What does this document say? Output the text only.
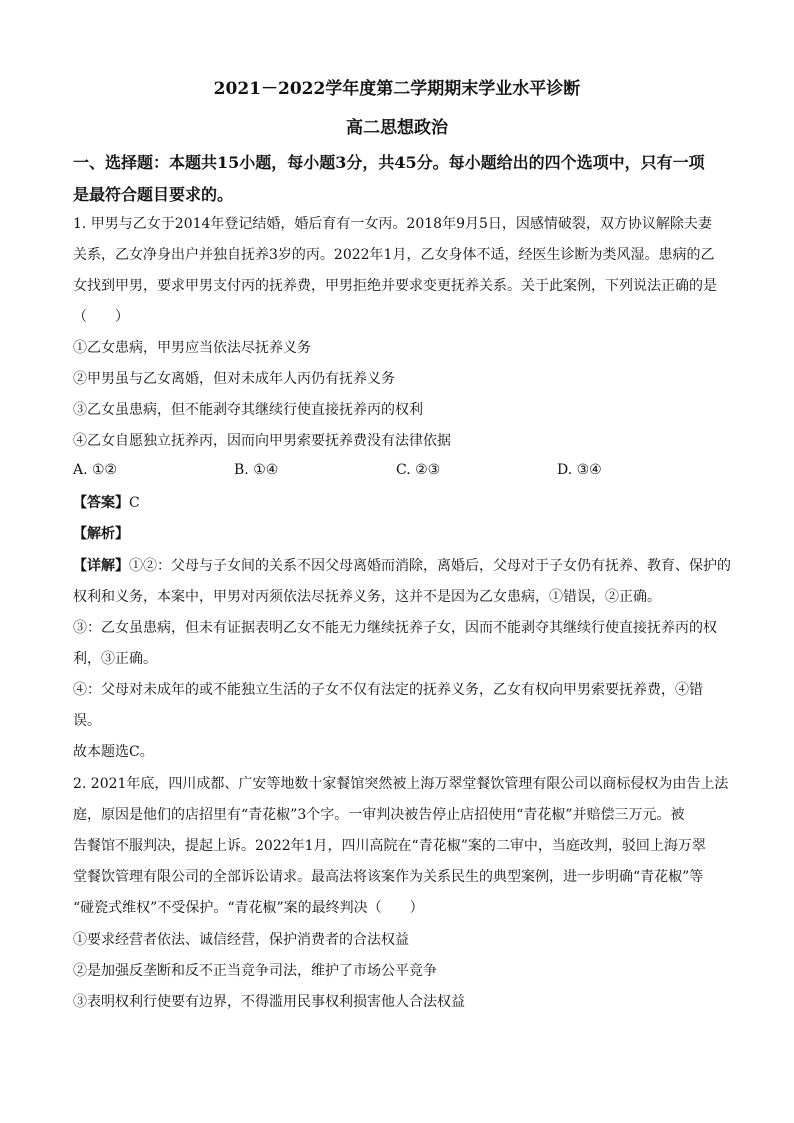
2021－2022学年度第二学期期末学业水平诊断
高二思想政治
一、选择题：本题共15小题，每小题3分，共45分。每小题给出的四个选项中，只有一项
是最符合题目要求的。
1. 甲男与乙女于2014年登记结婚，婚后育有一女丙。2018年9月5日，因感情破裂，双方协议解除夫妻
关系，乙女净身出户并独自抚养3岁的丙。2022年1月，乙女身体不适，经医生诊断为类风湿。患病的乙
女找到甲男，要求甲男支付丙的抚养费，甲男拒绝并要求变更抚养关系。关于此案例，下列说法正确的是
（　　）
①乙女患病，甲男应当依法尽抚养义务
②甲男虽与乙女离婚，但对未成年人丙仍有抚养义务
③乙女虽患病，但不能剥夺其继续行使直接抚养丙的权利
④乙女自愿独立抚养丙，因而向甲男索要抚养费没有法律依据
A. ①②	B. ①④	C. ②③	D. ③④
【答案】C
【解析】
【详解】①②：父母与子女间的关系不因父母离婚而消除，离婚后，父母对于子女仍有抚养、教育、保护的
权利和义务，本案中，甲男对丙须依法尽抚养义务，这并不是因为乙女患病，①错误，②正确。
③：乙女虽患病，但未有证据表明乙女不能无力继续抚养子女，因而不能剥夺其继续行使直接抚养丙的权
利，③正确。
④：父母对未成年的或不能独立生活的子女不仅有法定的抚养义务，乙女有权向甲男索要抚养费，④错
误。
故本题选C。
2. 2021年底，四川成都、广安等地数十家餐馆突然被上海万翠堂餐饮管理有限公司以商标侵权为由告上法
庭，原因是他们的店招里有“青花椒”3个字。一审判决被告停止店招使用“青花椒”并赔偿三万元。被
告餐馆不服判决，提起上诉。2022年1月，四川高院在“青花椒”案的二审中，当庭改判，驳回上海万翠
堂餐饮管理有限公司的全部诉讼请求。最高法将该案作为关系民生的典型案例，进一步明确“青花椒”等
“碰瓷式维权”不受保护。“青花椒”案的最终判决（　　）
①要求经营者依法、诚信经营，保护消费者的合法权益
②是加强反垄断和反不正当竞争司法，维护了市场公平竞争
③表明权利行使要有边界，不得滥用民事权利损害他人合法权益
